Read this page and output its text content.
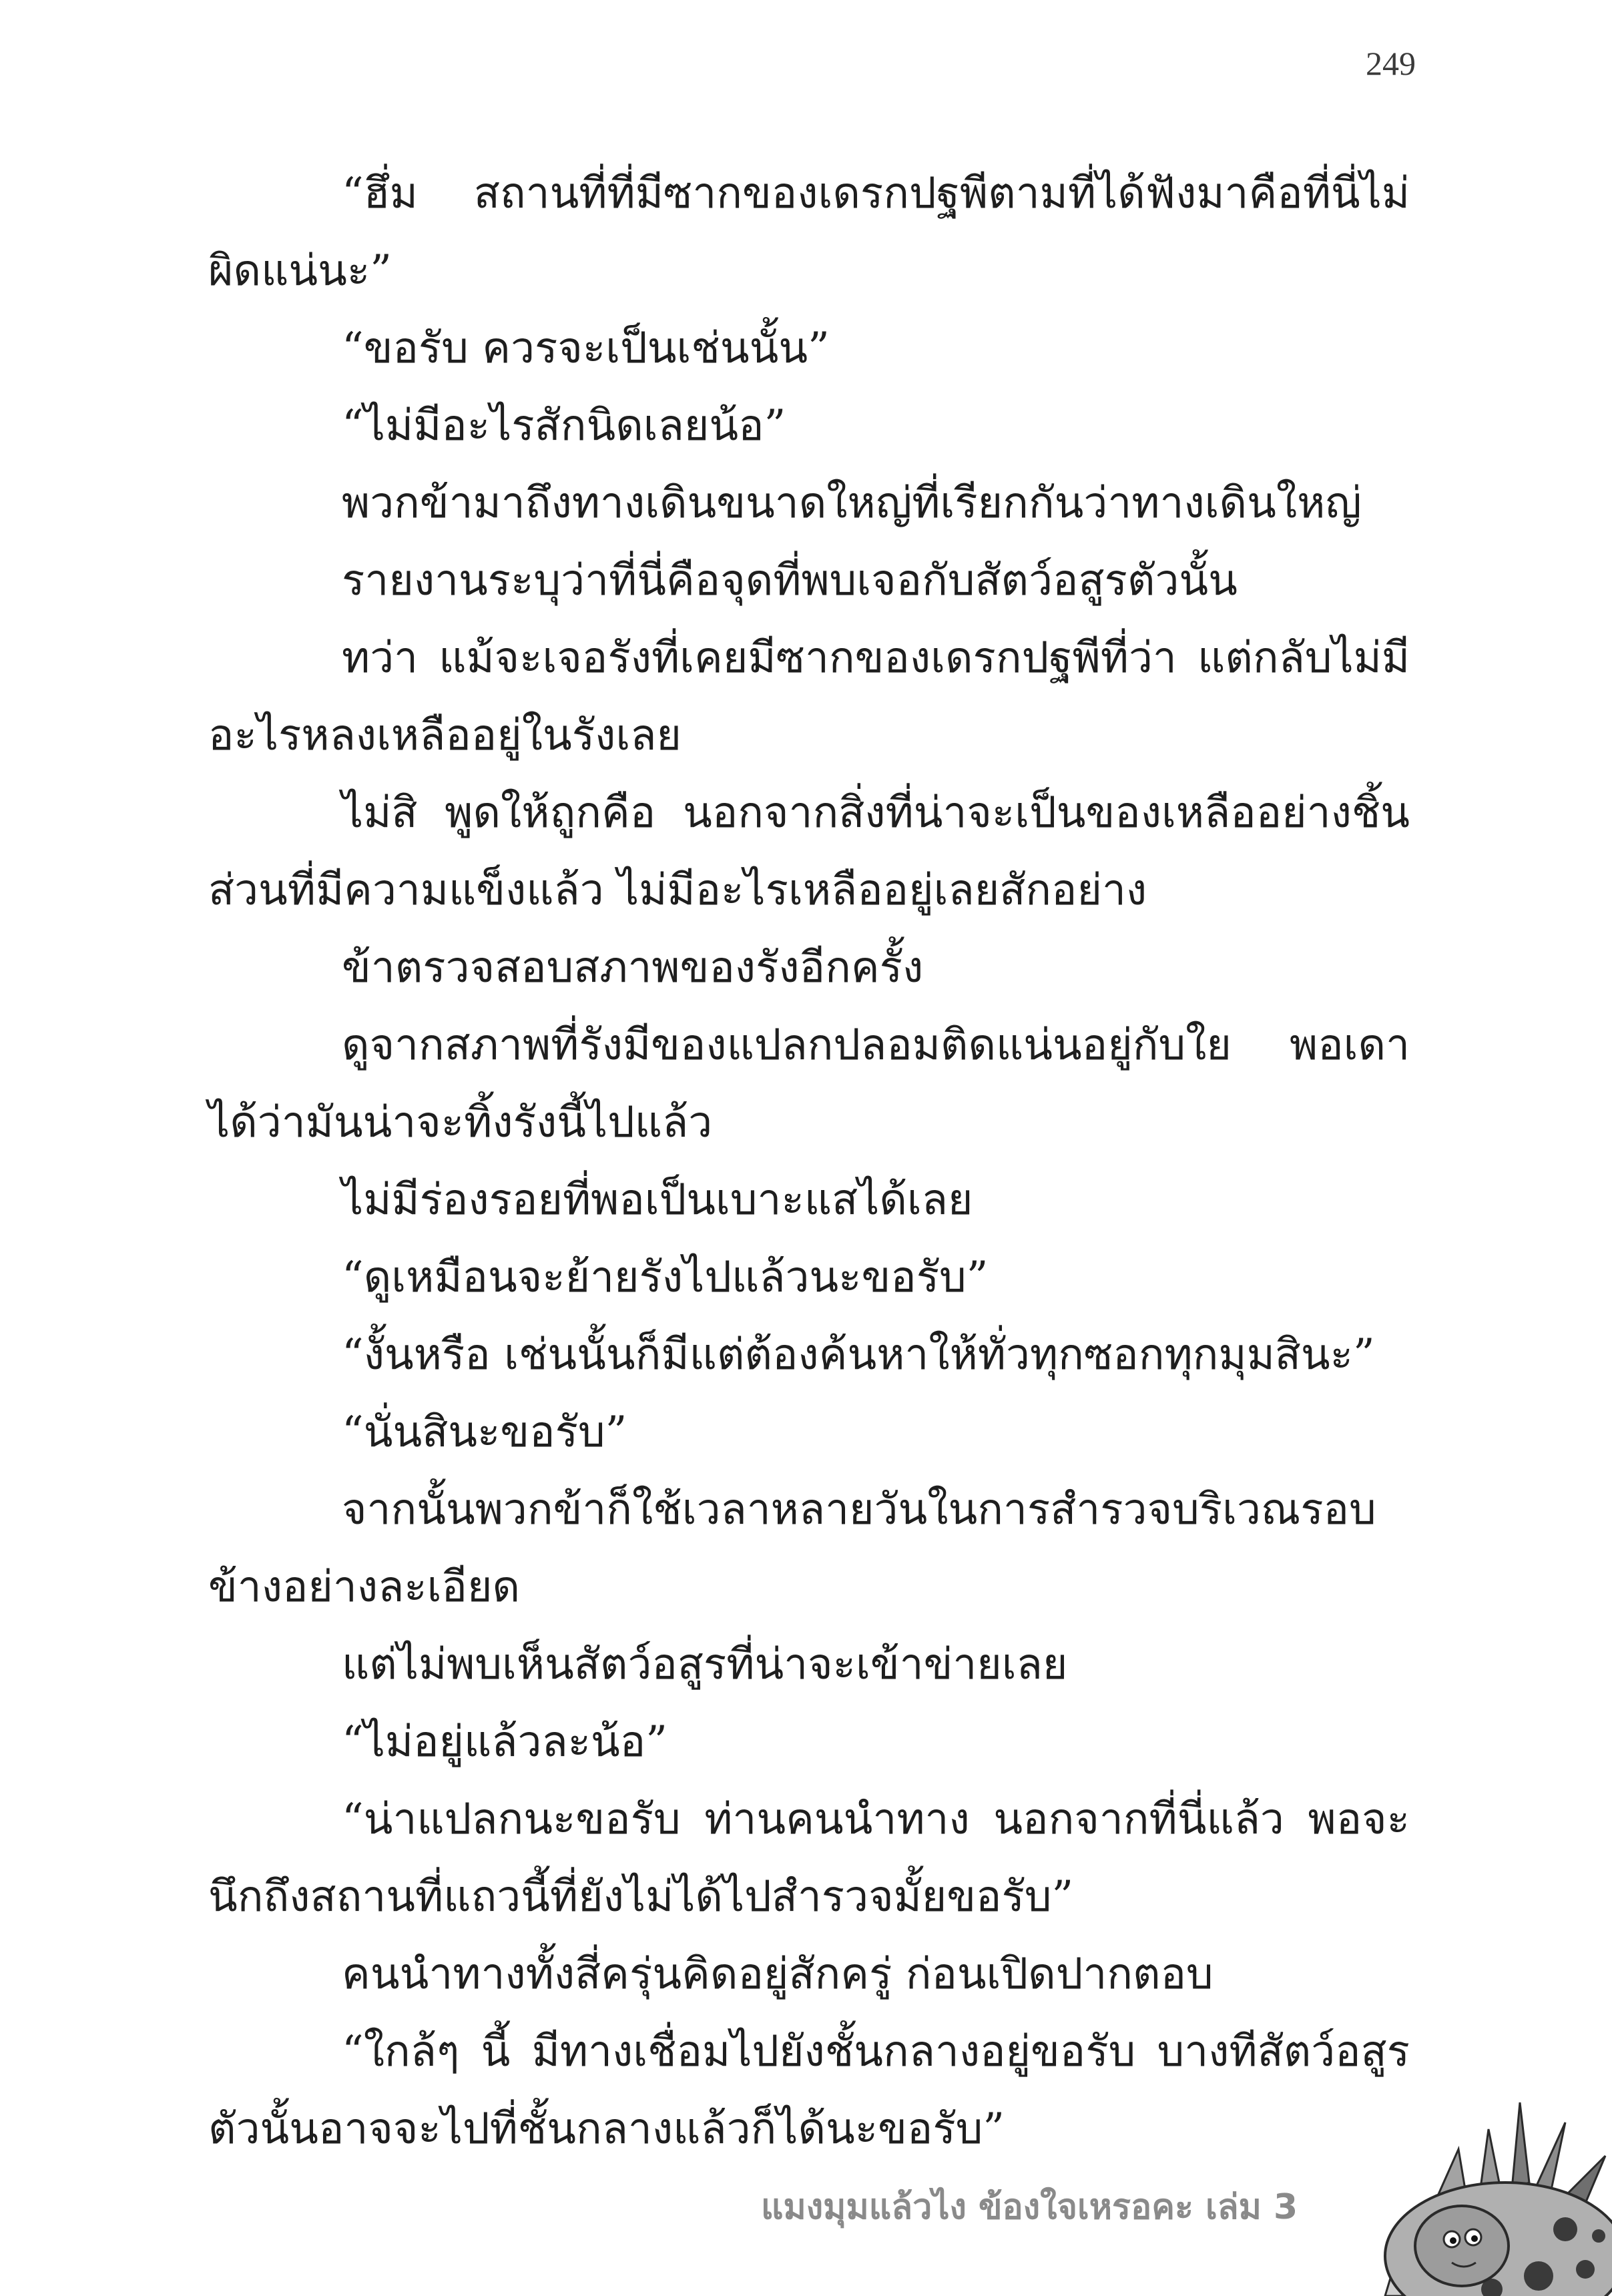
249

“ฮึ่ม สถานที่ที่มีซากของเดรกปฐพีตามที่ได้ฟังมาคือที่นี่ไม่ผิดแน่นะ”

“ขอรับ ควรจะเป็นเช่นนั้น”

“ไม่มีอะไรสักนิดเลยน้อ”

พวกข้ามาถึงทางเดินขนาดใหญ่ที่เรียกกันว่าทางเดินใหญ่

รายงานระบุว่าที่นี่คือจุดที่พบเจอกับสัตว์อสูรตัวนั้น

ทว่า แม้จะเจอรังที่เคยมีซากของเดรกปฐพีที่ว่า แต่กลับไม่มีอะไรหลงเหลืออยู่ในรังเลย

ไม่สิ พูดให้ถูกคือ นอกจากสิ่งที่น่าจะเป็นของเหลืออย่างชิ้นส่วนที่มีความแข็งแล้ว ไม่มีอะไรเหลืออยู่เลยสักอย่าง

ข้าตรวจสอบสภาพของรังอีกครั้ง

ดูจากสภาพที่รังมีของแปลกปลอมติดแน่นอยู่กับใย พอเดาได้ว่ามันน่าจะทิ้งรังนี้ไปแล้ว

ไม่มีร่องรอยที่พอเป็นเบาะแสได้เลย

“ดูเหมือนจะย้ายรังไปแล้วนะขอรับ”

“งั้นหรือ เช่นนั้นก็มีแต่ต้องค้นหาให้ทั่วทุกซอกทุกมุมสินะ”

“นั่นสินะขอรับ”

จากนั้นพวกข้าก็ใช้เวลาหลายวันในการสำรวจบริเวณรอบข้างอย่างละเอียด

แต่ไม่พบเห็นสัตว์อสูรที่น่าจะเข้าข่ายเลย

“ไม่อยู่แล้วละน้อ”

“น่าแปลกนะขอรับ ท่านคนนำทาง นอกจากที่นี่แล้ว พอจะนึกถึงสถานที่แถวนี้ที่ยังไม่ได้ไปสำรวจมั้ยขอรับ”

คนนำทางทั้งสี่ครุ่นคิดอยู่สักครู่ ก่อนเปิดปากตอบ

“ใกล้ๆ นี้ มีทางเชื่อมไปยังชั้นกลางอยู่ขอรับ บางทีสัตว์อสูรตัวนั้นอาจจะไปที่ชั้นกลางแล้วก็ได้นะขอรับ”

แมงมุมแล้วไง ข้องใจเหรอคะ เล่ม 3
